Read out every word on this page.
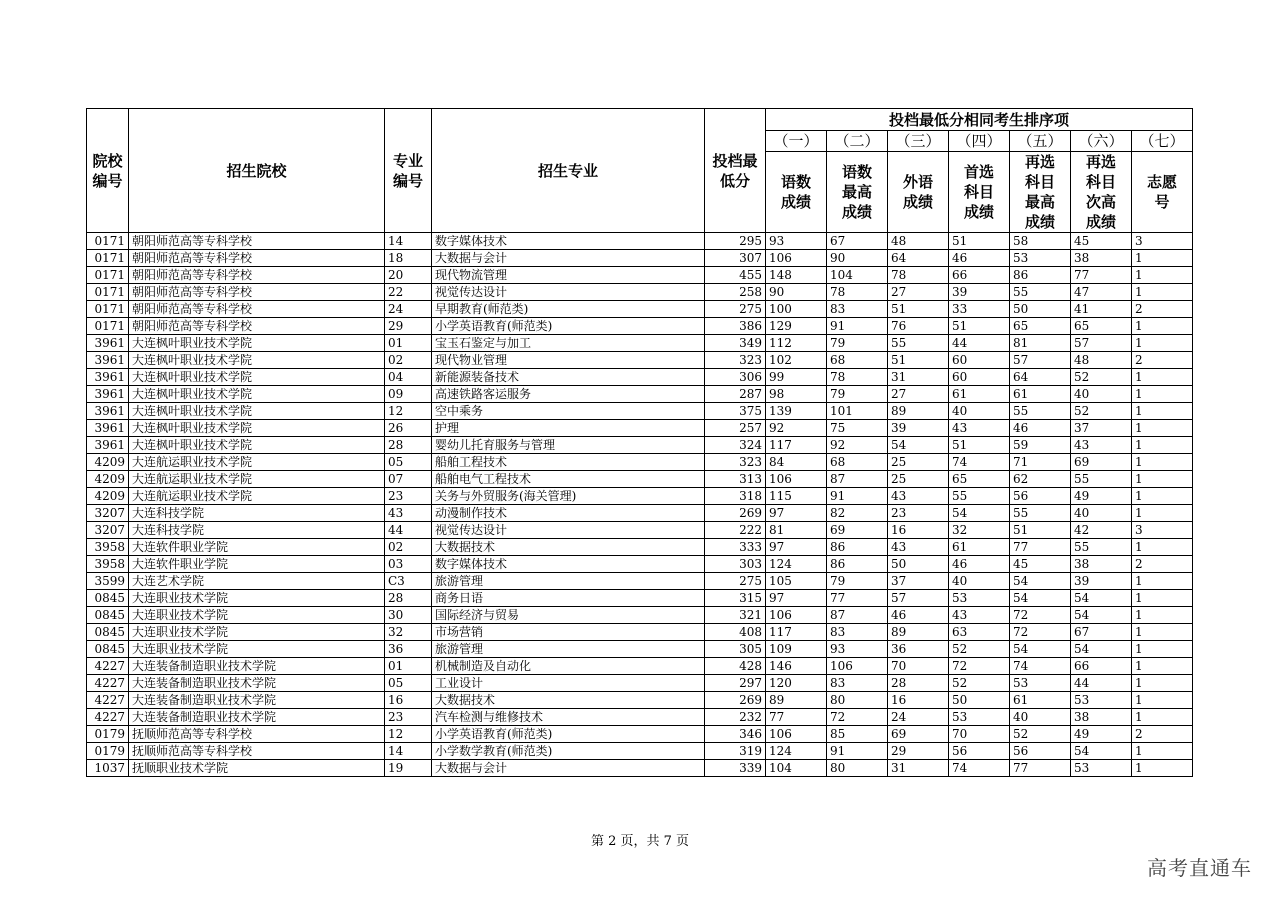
院校编号	招生院校	专业编号	招生专业	投档最低分	投档最低分相同考生排序项						
					（一）	（二）	（三）	（四）	（五）	（六）	（七）
					语数成绩	语数最高成绩	外语成绩	首选科目成绩	再选科目最高成绩	再选科目次高成绩	志愿号
0171	朝阳师范高等专科学校	14	数字媒体技术	295	93	67	48	51	58	45	3
0171	朝阳师范高等专科学校	18	大数据与会计	307	106	90	64	46	53	38	1
0171	朝阳师范高等专科学校	20	现代物流管理	455	148	104	78	66	86	77	1
0171	朝阳师范高等专科学校	22	视觉传达设计	258	90	78	27	39	55	47	1
0171	朝阳师范高等专科学校	24	早期教育(师范类)	275	100	83	51	33	50	41	2
0171	朝阳师范高等专科学校	29	小学英语教育(师范类)	386	129	91	76	51	65	65	1
3961	大连枫叶职业技术学院	01	宝玉石鉴定与加工	349	112	79	55	44	81	57	1
3961	大连枫叶职业技术学院	02	现代物业管理	323	102	68	51	60	57	48	2
3961	大连枫叶职业技术学院	04	新能源装备技术	306	99	78	31	60	64	52	1
3961	大连枫叶职业技术学院	09	高速铁路客运服务	287	98	79	27	61	61	40	1
3961	大连枫叶职业技术学院	12	空中乘务	375	139	101	89	40	55	52	1
3961	大连枫叶职业技术学院	26	护理	257	92	75	39	43	46	37	1
3961	大连枫叶职业技术学院	28	婴幼儿托育服务与管理	324	117	92	54	51	59	43	1
4209	大连航运职业技术学院	05	船舶工程技术	323	84	68	25	74	71	69	1
4209	大连航运职业技术学院	07	船舶电气工程技术	313	106	87	25	65	62	55	1
4209	大连航运职业技术学院	23	关务与外贸服务(海关管理)	318	115	91	43	55	56	49	1
3207	大连科技学院	43	动漫制作技术	269	97	82	23	54	55	40	1
3207	大连科技学院	44	视觉传达设计	222	81	69	16	32	51	42	3
3958	大连软件职业学院	02	大数据技术	333	97	86	43	61	77	55	1
3958	大连软件职业学院	03	数字媒体技术	303	124	86	50	46	45	38	2
3599	大连艺术学院	C3	旅游管理	275	105	79	37	40	54	39	1
0845	大连职业技术学院	28	商务日语	315	97	77	57	53	54	54	1
0845	大连职业技术学院	30	国际经济与贸易	321	106	87	46	43	72	54	1
0845	大连职业技术学院	32	市场营销	408	117	83	89	63	72	67	1
0845	大连职业技术学院	36	旅游管理	305	109	93	36	52	54	54	1
4227	大连装备制造职业技术学院	01	机械制造及自动化	428	146	106	70	72	74	66	1
4227	大连装备制造职业技术学院	05	工业设计	297	120	83	28	52	53	44	1
4227	大连装备制造职业技术学院	16	大数据技术	269	89	80	16	50	61	53	1
4227	大连装备制造职业技术学院	23	汽车检测与维修技术	232	77	72	24	53	40	38	1
0179	抚顺师范高等专科学校	12	小学英语教育(师范类)	346	106	85	69	70	52	49	2
0179	抚顺师范高等专科学校	14	小学数学教育(师范类)	319	124	91	29	56	56	54	1
1037	抚顺职业技术学院	19	大数据与会计	339	104	80	31	74	77	53	1
第 2 页，共 7 页
高考直通车
